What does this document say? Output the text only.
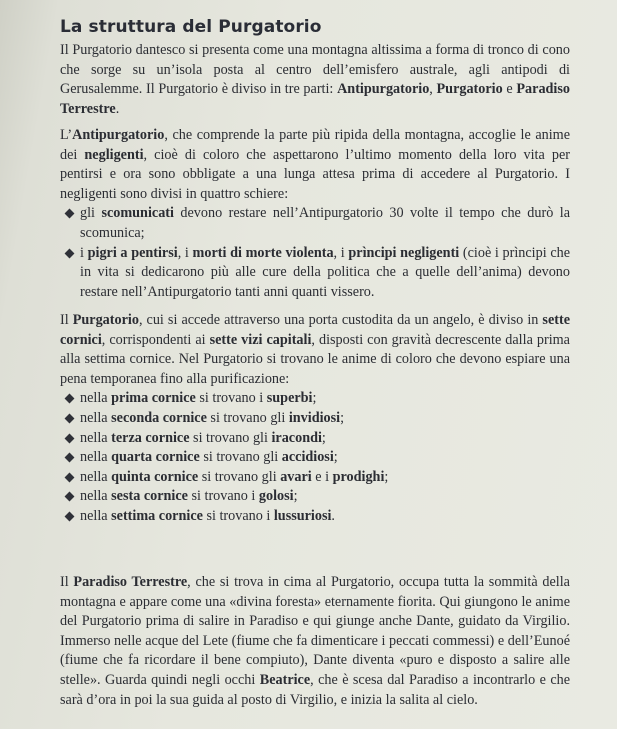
La struttura del Purgatorio

Il Purgatorio dantesco si presenta come una montagna altissima a forma di tronco di cono che sorge su un’isola posta al centro dell’emisfero australe, agli antipodi di Gerusalemme. Il Purgatorio è diviso in tre parti: Antipurgatorio, Purgatorio e Paradiso Terrestre.

L’Antipurgatorio, che comprende la parte più ripida della montagna, accoglie le anime dei negligenti, cioè di coloro che aspettarono l’ultimo momento della loro vita per pentirsi e ora sono obbligate a una lunga attesa prima di accedere al Purgatorio. I negligenti sono divisi in quattro schiere:
gli scomunicati devono restare nell’Antipurgatorio 30 volte il tempo che durò la scomunica;
i pigri a pentirsi, i morti di morte violenta, i prìncipi negligenti (cioè i prìncipi che in vita si dedicarono più alle cure della politica che a quelle dell’anima) devono restare nell’Antipurgatorio tanti anni quanti vissero.
Il Purgatorio, cui si accede attraverso una porta custodita da un angelo, è diviso in sette cornici, corrispondenti ai sette vizi capitali, disposti con gravità decrescente dalla prima alla settima cornice. Nel Purgatorio si trovano le anime di coloro che devono espiare una pena temporanea fino alla purificazione:
nella prima cornice si trovano i superbi;
nella seconda cornice si trovano gli invidiosi;
nella terza cornice si trovano gli iracondi;
nella quarta cornice si trovano gli accidiosi;
nella quinta cornice si trovano gli avari e i prodighi;
nella sesta cornice si trovano i golosi;
nella settima cornice si trovano i lussuriosi.

Il Paradiso Terrestre, che si trova in cima al Purgatorio, occupa tutta la sommità della montagna e appare come una «divina foresta» eternamente fiorita. Qui giungono le anime del Purgatorio prima di salire in Paradiso e qui giunge anche Dante, guidato da Virgilio. Immerso nelle acque del Lete (fiume che fa dimenticare i peccati commessi) e dell’Eunoé (fiume che fa ricordare il bene compiuto), Dante diventa «puro e disposto a salire alle stelle». Guarda quindi negli occhi Beatrice, che è scesa dal Paradiso a incontrarlo e che sarà d’ora in poi la sua guida al posto di Virgilio, e inizia la salita al cielo.
